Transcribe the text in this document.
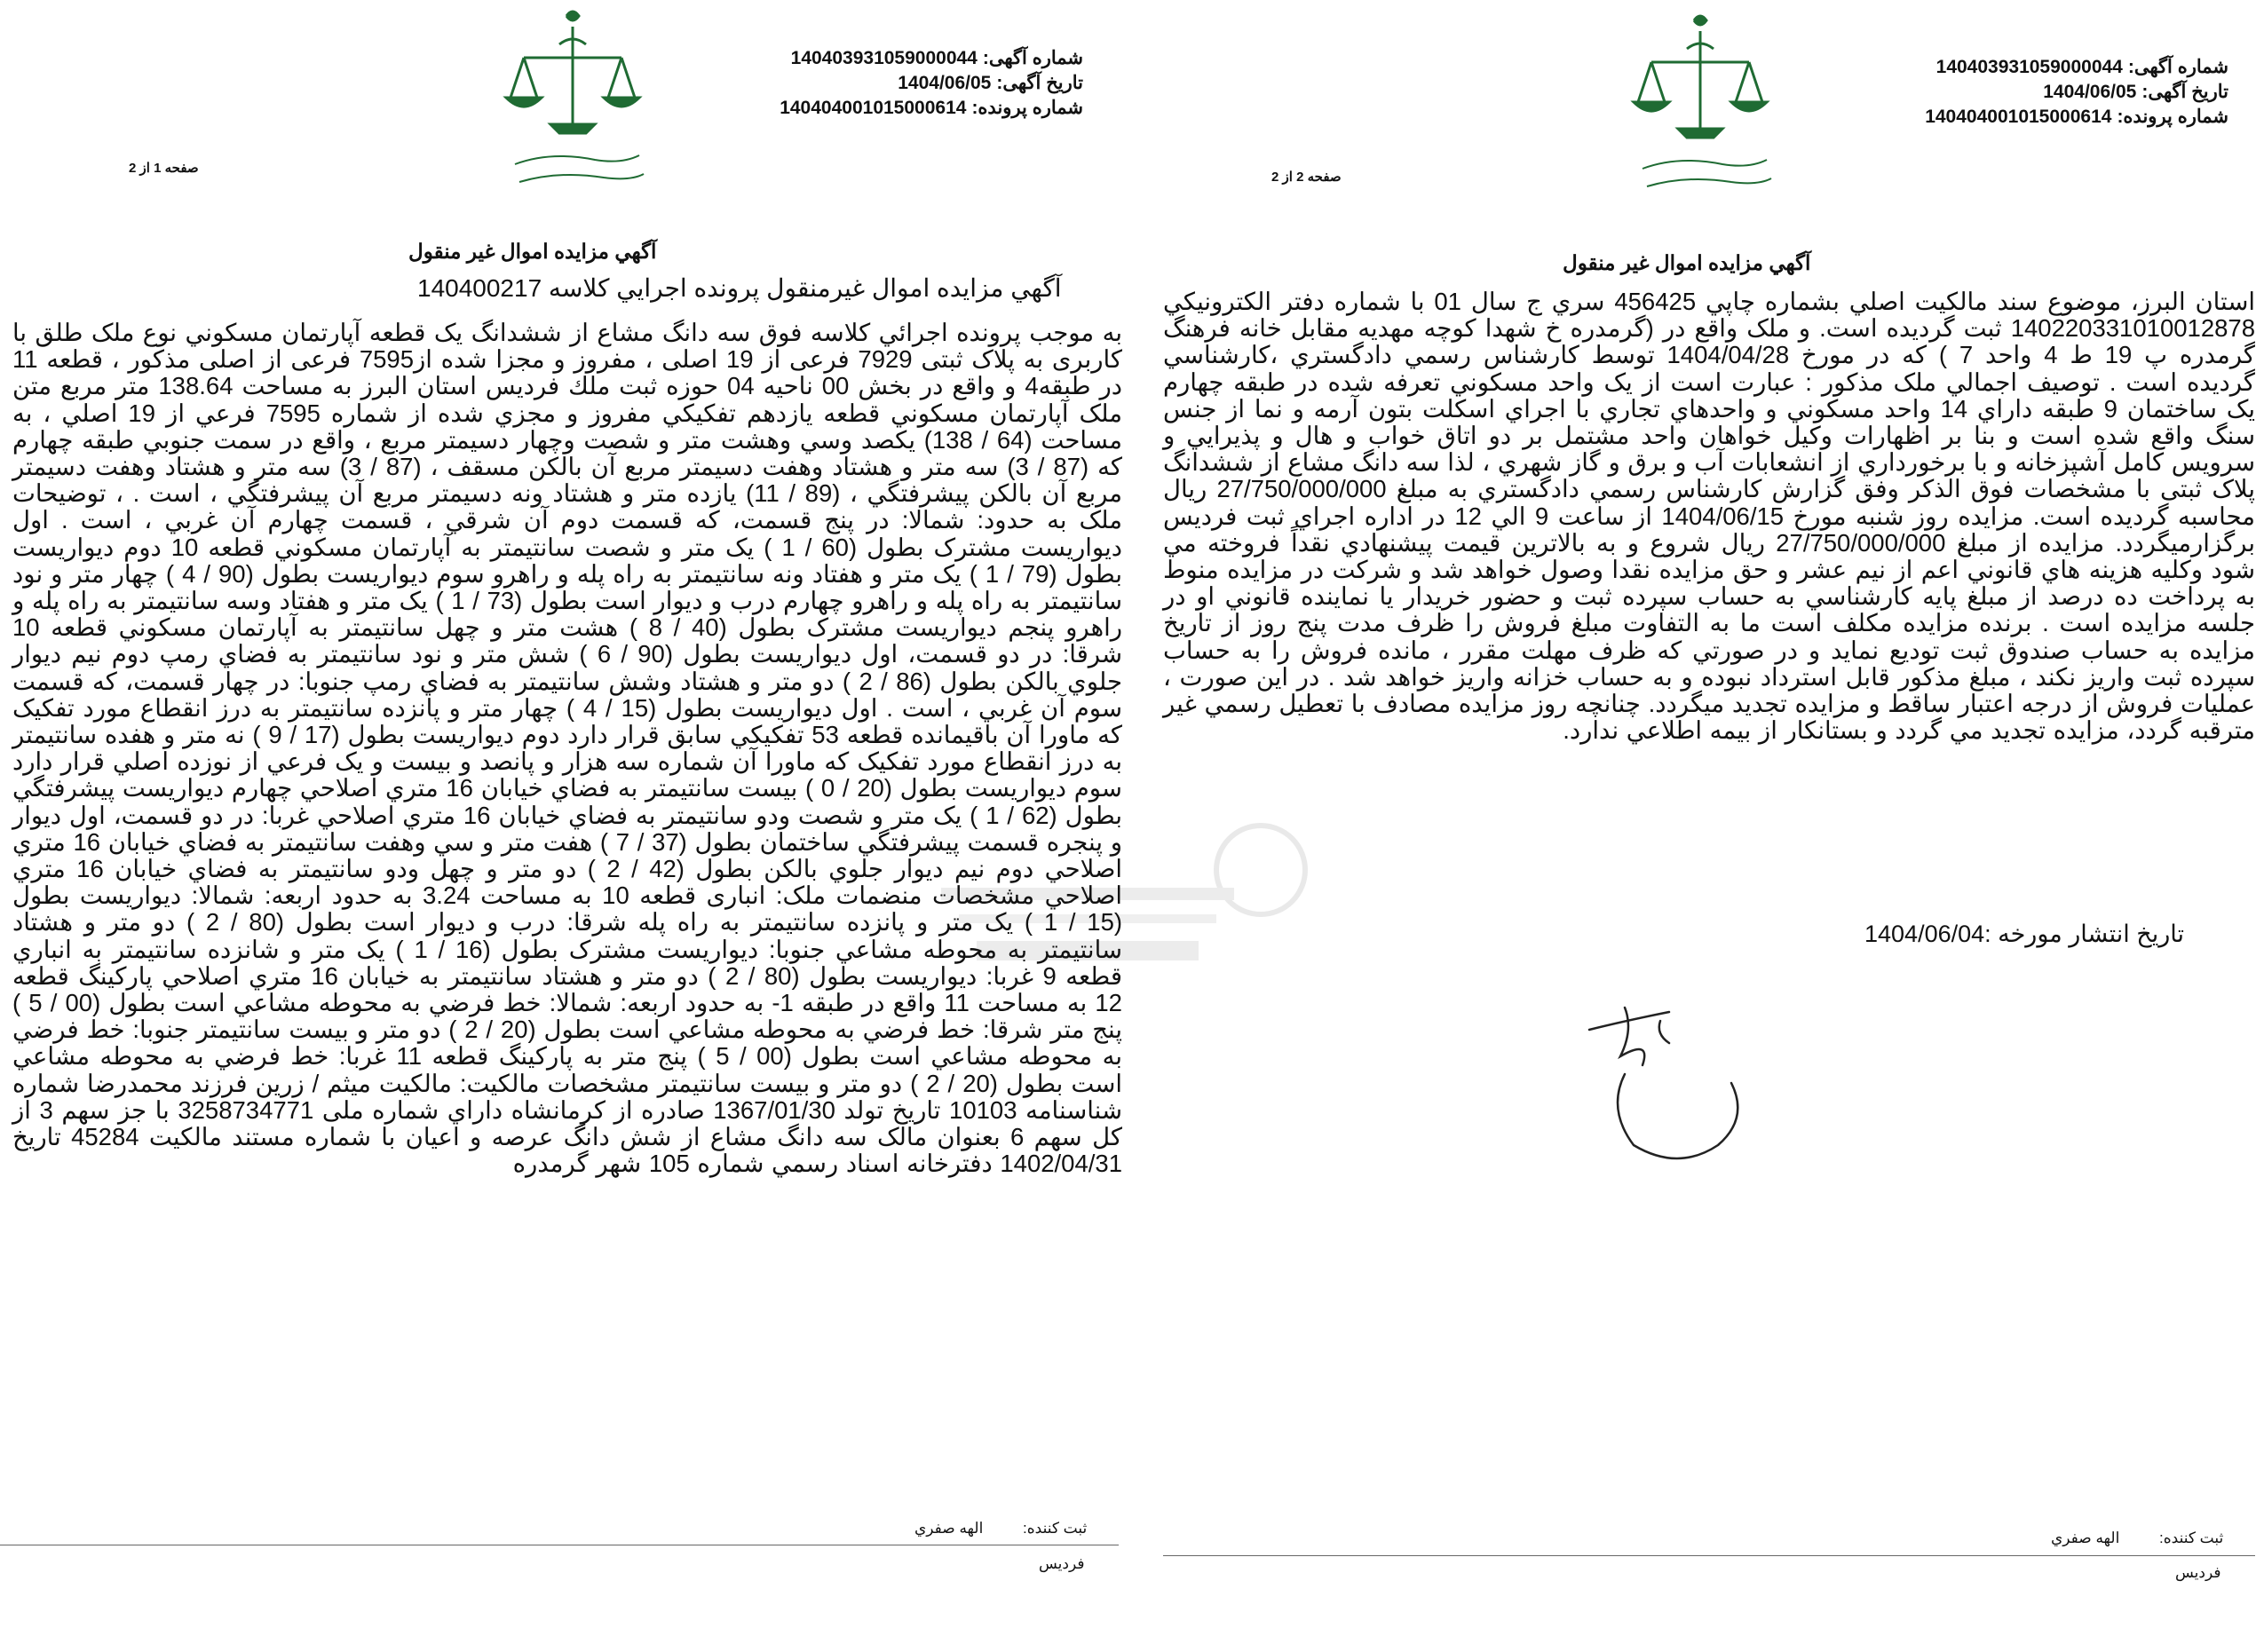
شماره آگهی:140403931059000044
تاریخ آگهی:1404/06/05
شماره پرونده:140404001015000614
صفحه 1 از 2
آگهي مزايده اموال غير منقول
آگهي مزايده اموال غيرمنقول پرونده اجرايي كلاسه 140400217
به موجب پرونده اجرائي كلاسه فوق سه دانگ مشاع از ششدانگ يک قطعه آپارتمان مسكوني نوع ملک طلق با کاربری به پلاک ثبتی 7929 فرعی از 19 اصلی ، مفروز و مجزا شده از7595 فرعی از اصلی مذکور ، قطعه 11 در طبقه4 و واقع در بخش 00 ناحيه 04 حوزه ثبت ملك فرديس استان البرز به مساحت 138.64 متر مربع متن ملک آپارتمان مسكوني قطعه يازدهم تفكيكي مفروز و مجزي شده از شماره 7595 فرعي از 19 اصلي ، به مساحت (64 / 138) يكصد وسي وهشت متر و شصت وچهار دسيمتر مربع ، واقع در سمت جنوبي طبقه چهارم كه (87 / 3) سه متر و هشتاد وهفت دسيمتر مربع آن بالكن مسقف ، (87 / 3) سه متر و هشتاد وهفت دسيمتر مربع آن بالكن پيشرفتگي ، (89 / 11) يازده متر و هشتاد ونه دسيمتر مربع آن پيشرفتگي ، است . ، توضیحات ملک به حدود: شمالا: در پنج قسمت، كه قسمت دوم آن شرقي ، قسمت چهارم آن غربي ، است . اول ديواريست مشترک بطول (60 / 1 ) يک متر و شصت سانتيمتر به آپارتمان مسكوني قطعه 10 دوم ديواريست بطول (79 / 1 ) يک متر و هفتاد ونه سانتيمتر به راه پله و راهرو سوم ديواريست بطول (90 / 4 ) چهار متر و نود سانتيمتر به راه پله و راهرو چهارم درب و ديوار است بطول (73 / 1 ) يک متر و هفتاد وسه سانتيمتر به راه پله و راهرو پنجم ديواريست مشترک بطول (40 / 8 ) هشت متر و چهل سانتيمتر به آپارتمان مسكوني قطعه 10 شرقا: در دو قسمت، اول ديواريست بطول (90 / 6 ) شش متر و نود سانتيمتر به فضاي رمپ دوم نيم ديوار جلوي بالكن بطول (86 / 2 ) دو متر و هشتاد وشش سانتيمتر به فضاي رمپ جنوبا: در چهار قسمت، كه قسمت سوم آن غربي ، است . اول ديواريست بطول (15 / 4 ) چهار متر و پانزده سانتيمتر به درز انقطاع مورد تفكيک كه ماورا آن باقيمانده قطعه 53 تفكيكي سابق قرار دارد دوم ديواريست بطول (17 / 9 ) نه متر و هفده سانتيمتر به درز انقطاع مورد تفكيک كه ماورا آن شماره سه هزار و پانصد و بيست و يک فرعي از نوزده اصلي قرار دارد سوم ديواريست بطول (20 / 0 ) بيست سانتيمتر به فضاي خيابان 16 متري اصلاحي چهارم ديواريست پيشرفتگي بطول (62 / 1 ) يک متر و شصت ودو سانتيمتر به فضاي خيابان 16 متري اصلاحي غربا: در دو قسمت، اول ديوار و پنجره قسمت پيشرفتگي ساختمان بطول (37 / 7 ) هفت متر و سي وهفت سانتيمتر به فضاي خيابان 16 متري اصلاحي دوم نيم ديوار جلوي بالكن بطول (42 / 2 ) دو متر و چهل ودو سانتيمتر به فضاي خيابان 16 متري اصلاحي مشخصات منضمات ملک: انباری قطعه 10 به مساحت 3.24 به حدود اربعه: شمالا: ديواريست بطول (15 / 1 ) يک متر و پانزده سانتيمتر به راه پله شرقا: درب و ديوار است بطول (80 / 2 ) دو متر و هشتاد سانتيمتر به محوطه مشاعي جنوبا: ديواريست مشترک بطول (16 / 1 ) يک متر و شانزده سانتيمتر به انباري قطعه 9 غربا: ديواريست بطول (80 / 2 ) دو متر و هشتاد سانتيمتر به خيابان 16 متري اصلاحي پاركينگ قطعه 12 به مساحت 11 واقع در طبقه 1- به حدود اربعه: شمالا: خط فرضي به محوطه مشاعي است بطول (00 / 5 ) پنج متر شرقا: خط فرضي به محوطه مشاعي است بطول (20 / 2 ) دو متر و بيست سانتيمتر جنوبا: خط فرضي به محوطه مشاعي است بطول (00 / 5 ) پنج متر به پاركينگ قطعه 11 غربا: خط فرضي به محوطه مشاعي است بطول (20 / 2 ) دو متر و بيست سانتيمتر مشخصات مالکیت: مالكيت ميثم / زرين فرزند محمدرضا شماره شناسنامه 10103 تاريخ تولد 1367/01/30 صادره از كرمانشاه داراي شماره ملی 3258734771 با جز سهم 3 از كل سهم 6 بعنوان مالک سه دانگ مشاع از شش دانگ عرصه و اعيان با شماره مستند مالكيت 45284 تاريخ 1402/04/31 دفترخانه اسناد رسمي شماره 105 شهر گرمدره
ثبت كننده: الهه صفري
فرديس
شماره آگهی:140403931059000044
تاریخ آگهی:1404/06/05
شماره پرونده:140404001015000614
صفحه 2 از 2
آگهي مزايده اموال غير منقول
استان البرز، موضوع سند مالكيت اصلي بشماره چاپي 456425 سري ج سال 01 با شماره دفتر الكترونيكي 140220331010012878 ثبت گرديده است. و ملک واقع در (گرمدره خ شهدا كوچه مهديه مقابل خانه فرهنگ گرمدره پ 19 ط 4 واحد 7 ) كه در مورخ 1404/04/28 توسط كارشناس رسمي دادگستري ،كارشناسي گرديده است . توصيف اجمالي ملک مذكور : عبارت است از يک واحد مسكوني تعرفه شده در طبقه چهارم يک ساختمان 9 طبقه داراي 14 واحد مسكوني و واحدهاي تجاري با اجراي اسكلت بتون آرمه و نما از جنس سنگ واقع شده است و بنا بر اظهارات وكيل خواهان واحد مشتمل بر دو اتاق خواب و هال و پذيرايي و سرويس كامل آشپزخانه و با برخورداري از انشعابات آب و برق و گاز شهري ، لذا سه دانگ مشاع از ششدانگ پلاک ثبتی با مشخصات فوق الذكر وفق گزارش كارشناس رسمي دادگستري به مبلغ 27/750/000/000 ريال محاسبه گرديده است. مزايده روز شنبه مورخ 1404/06/15 از ساعت 9 الي 12 در اداره اجراي ثبت فرديس برگزارميگردد. مزايده از مبلغ 27/750/000/000 ريال شروع و به بالاترين قيمت پيشنهادي نقداً فروخته مي شود وكليه هزينه هاي قانوني اعم از نيم عشر و حق مزايده نقدا وصول خواهد شد و شركت در مزايده منوط به پرداخت ده درصد از مبلغ پايه كارشناسي به حساب سپرده ثبت و حضور خريدار يا نماينده قانوني او در جلسه مزايده است . برنده مزايده مكلف است ما به التفاوت مبلغ فروش را ظرف مدت پنج روز از تاريخ مزايده به حساب صندوق ثبت توديع نمايد و در صورتي كه ظرف مهلت مقرر ، مانده فروش را به حساب سپرده ثبت واريز نكند ، مبلغ مذكور قابل استرداد نبوده و به حساب خزانه واريز خواهد شد . در اين صورت ، عمليات فروش از درجه اعتبار ساقط و مزايده تجديد ميگردد. چنانچه روز مزايده مصادف با تعطيل رسمي غير مترقبه گردد، مزايده تجديد مي گردد و بستانكار از بيمه اطلاعي ندارد.
تاريخ انتشار مورخه :1404/06/04
ثبت كننده: الهه صفري
فرديس
